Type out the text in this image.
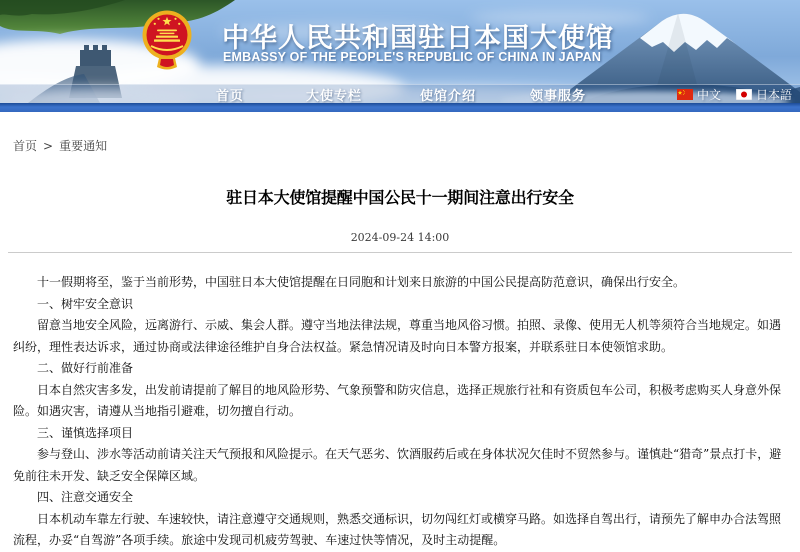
中华人民共和国驻日本国大使馆
EMBASSY OF THE PEOPLE'S REPUBLIC OF CHINA IN JAPAN
首页	大使专栏	使馆介绍	领事服务	中文	日本語
首页 > 重要通知
驻日本大使馆提醒中国公民十一期间注意出行安全
2024-09-24 14:00

十一假期将至，鉴于当前形势，中国驻日本大使馆提醒在日同胞和计划来日旅游的中国公民提高防范意识，确保出行安全。

一、树牢安全意识

留意当地安全风险，远离游行、示威、集会人群。遵守当地法律法规，尊重当地风俗习惯。拍照、录像、使用无人机等须符合当地规定。如遇纠纷，理性表达诉求，通过协商或法律途径维护自身合法权益。紧急情况请及时向日本警方报案，并联系驻日本使领馆求助。

二、做好行前准备

日本自然灾害多发，出发前请提前了解目的地风险形势、气象预警和防灾信息，选择正规旅行社和有资质包车公司，积极考虑购买人身意外保险。如遇灾害，请遵从当地指引避难，切勿擅自行动。

三、谨慎选择项目

参与登山、涉水等活动前请关注天气预报和风险提示。在天气恶劣、饮酒服药后或在身体状况欠佳时不贸然参与。谨慎赴“猎奇”景点打卡，避免前往未开发、缺乏安全保障区域。

四、注意交通安全

日本机动车靠左行驶、车速较快，请注意遵守交通规则，熟悉交通标识，切勿闯红灯或横穿马路。如选择自驾出行，请预先了解申办合法驾照流程，办妥“自驾游”各项手续。旅途中发现司机疲劳驾驶、车速过快等情况，及时主动提醒。
